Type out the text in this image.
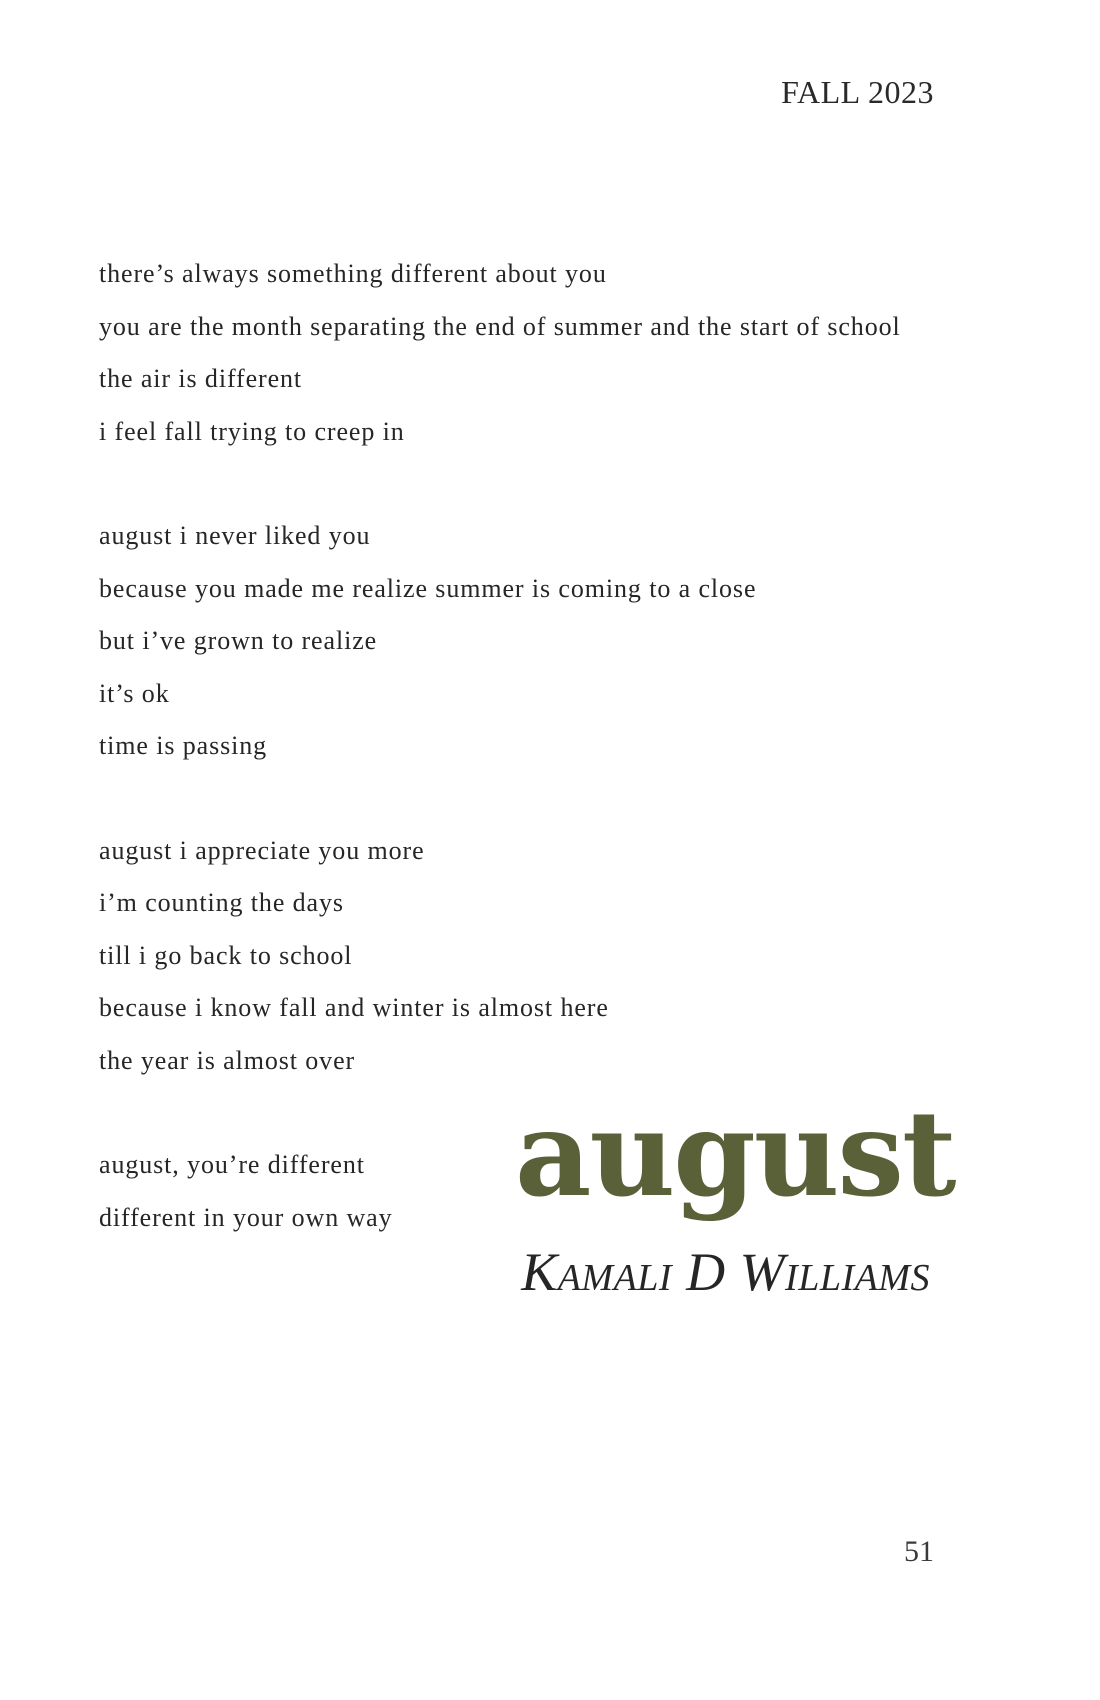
FALL 2023
there’s always something different about you
you are the month separating the end of summer and the start of school
the air is different
i feel fall trying to creep in
august i never liked you
because you made me realize summer is coming to a close
but i’ve grown to realize
it’s ok
time is passing
august i appreciate you more
i’m counting the days
till i go back to school
because i know fall and winter is almost here
the year is almost over
august, you’re different
different in your own way	august
Kamali D Williams
51
